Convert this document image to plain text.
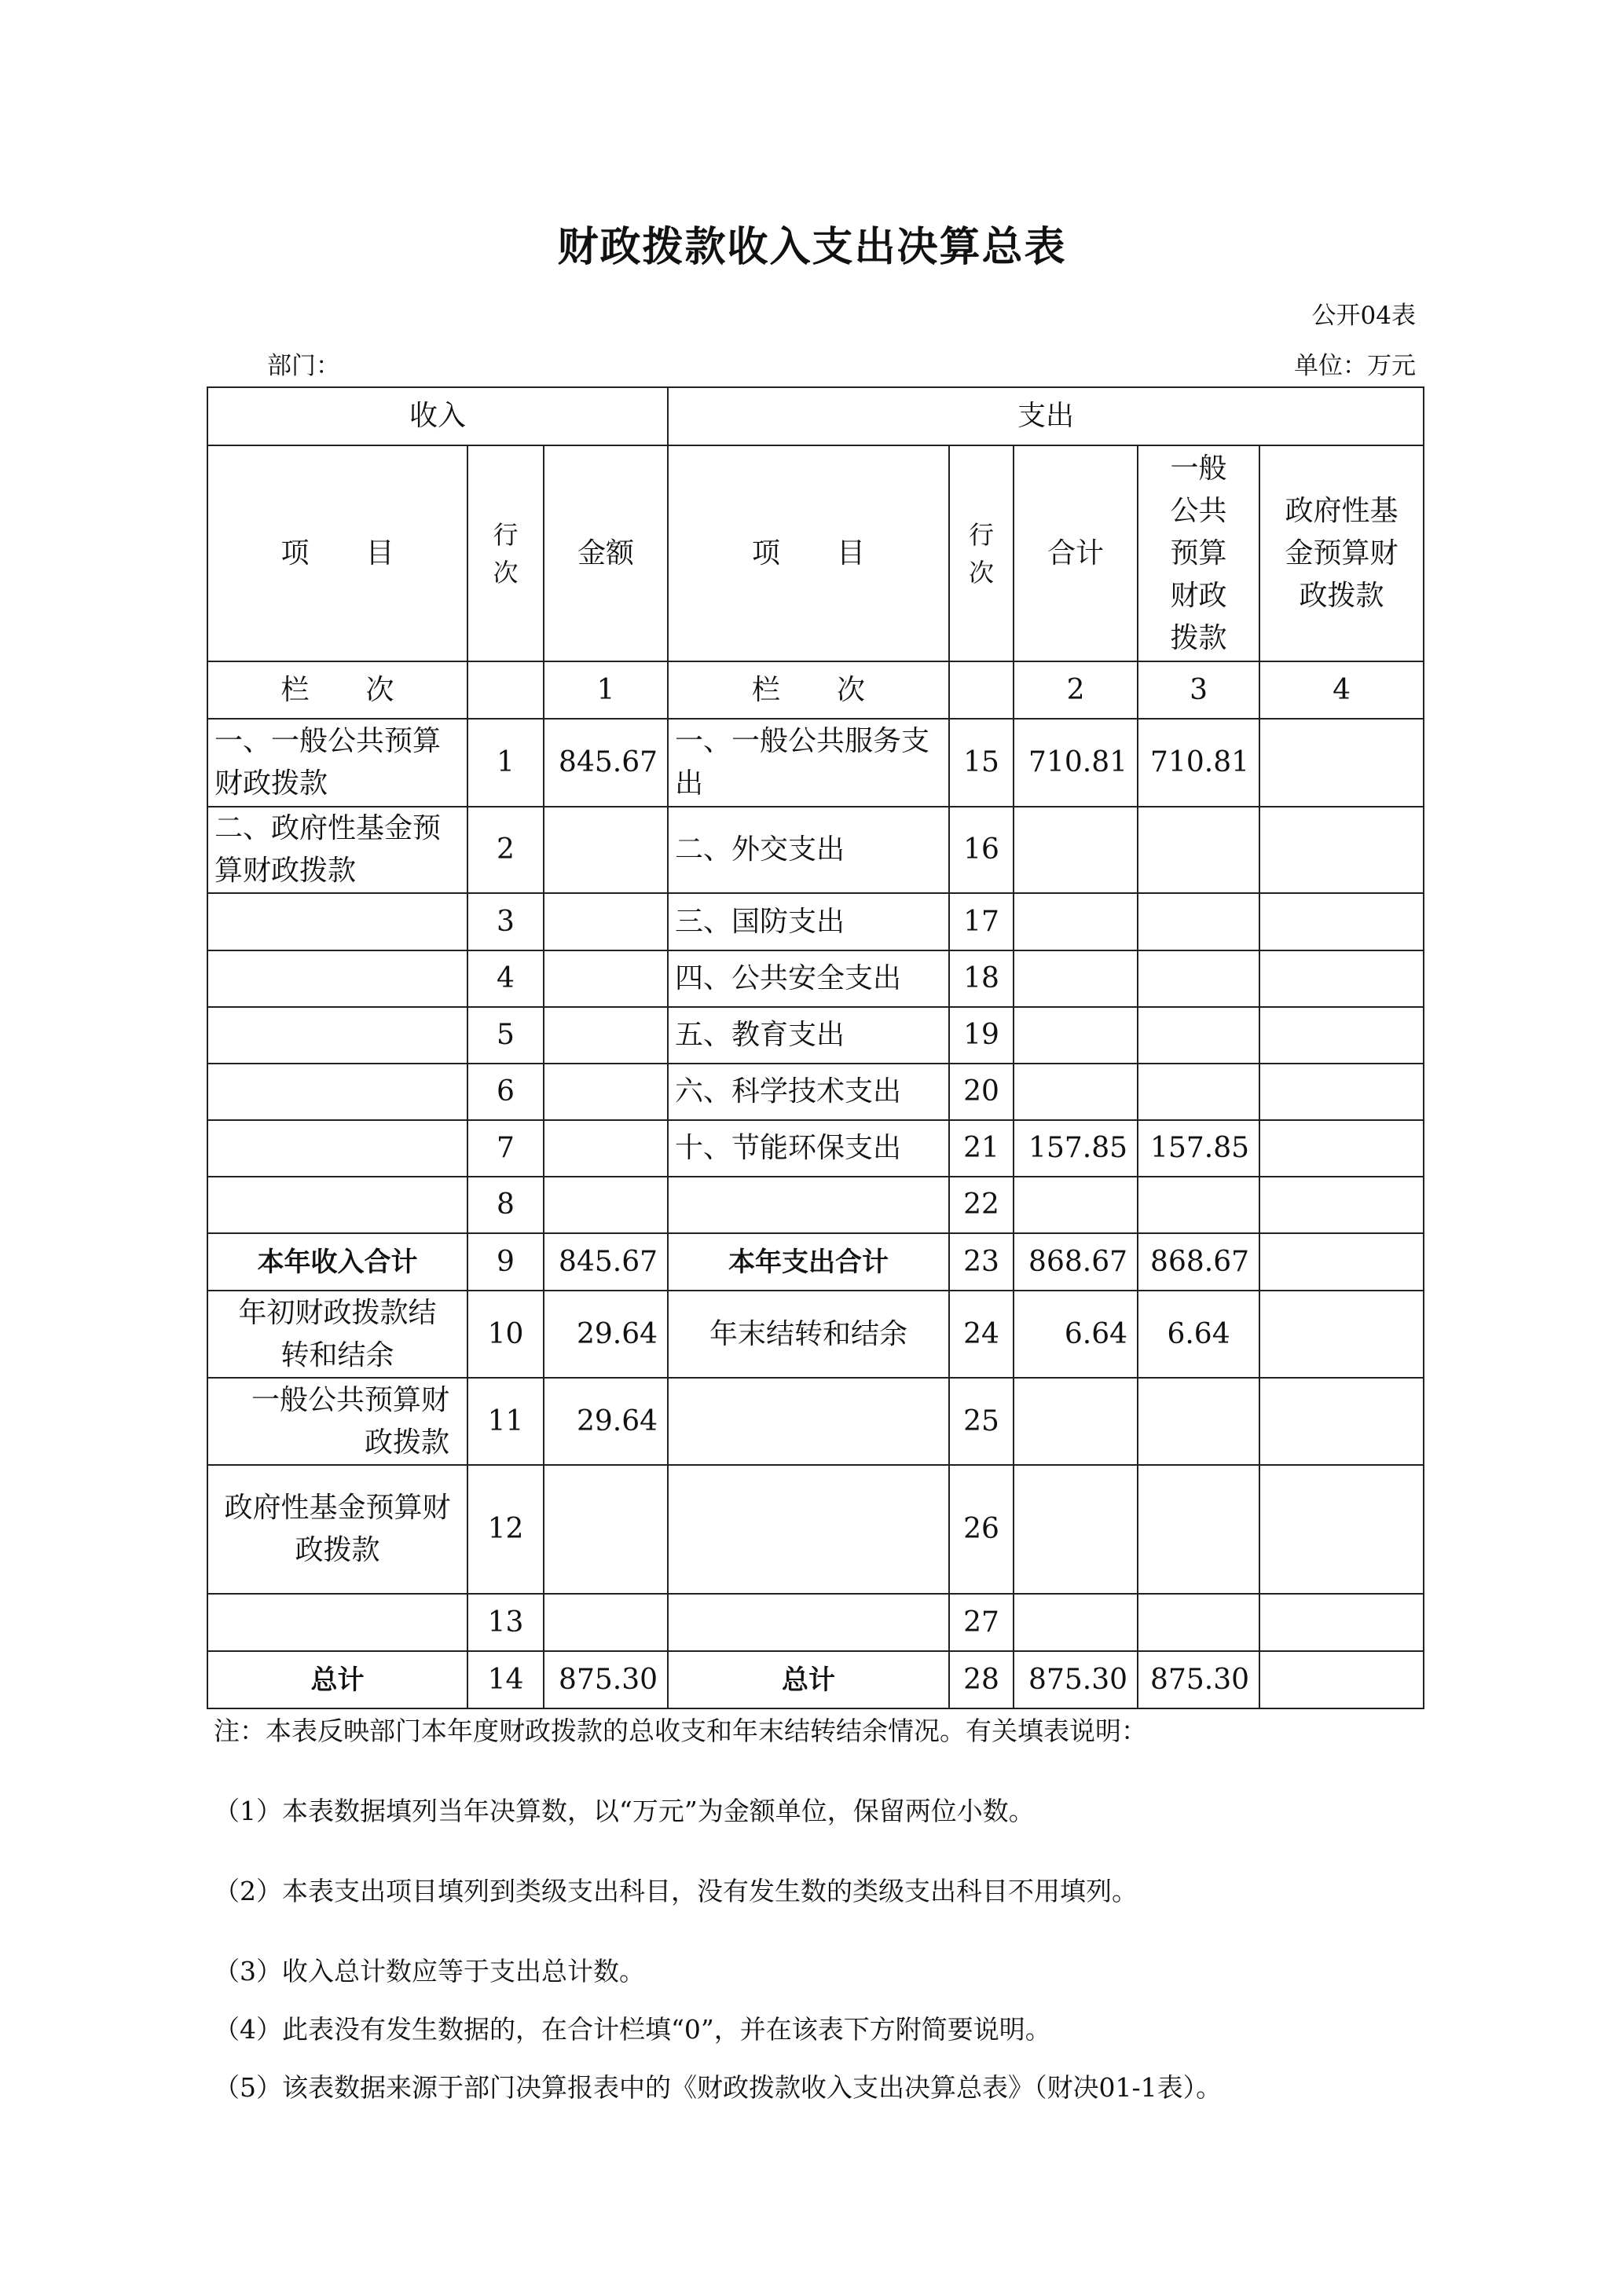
财政拨款收入支出决算总表
公开04表
部门：	单位：万元
收入			支出				
项　　目	行次	金额	项　　目	行次	合计	一般公共预算财政拨款	政府性基金预算财政拨款
栏　　次		1	栏　　次		2	3	4
一、一般公共预算财政拨款	1	845.67	一、一般公共服务支出	15	710.81	710.81	
二、政府性基金预算财政拨款	2		二、外交支出	16			
	3		三、国防支出	17			
	4		四、公共安全支出	18			
	5		五、教育支出	19			
	6		六、科学技术支出	20			
	7		十、节能环保支出	21	157.85	157.85	
	8			22			
本年收入合计	9	845.67	本年支出合计	23	868.67	868.67	
年初财政拨款结转和结余	10	29.64	年末结转和结余	24	6.64	6.64	
一般公共预算财政拨款	11	29.64		25			
政府性基金预算财政拨款	12			26			
	13			27			
总计	14	875.30	总计	28	875.30	875.30	
注：本表反映部门本年度财政拨款的总收支和年末结转结余情况。有关填表说明：
（1）本表数据填列当年决算数，以“万元”为金额单位，保留两位小数。
（2）本表支出项目填列到类级支出科目，没有发生数的类级支出科目不用填列。
（3）收入总计数应等于支出总计数。
（4）此表没有发生数据的，在合计栏填“0”，并在该表下方附简要说明。
（5）该表数据来源于部门决算报表中的《财政拨款收入支出决算总表》（财决01-1表）。
